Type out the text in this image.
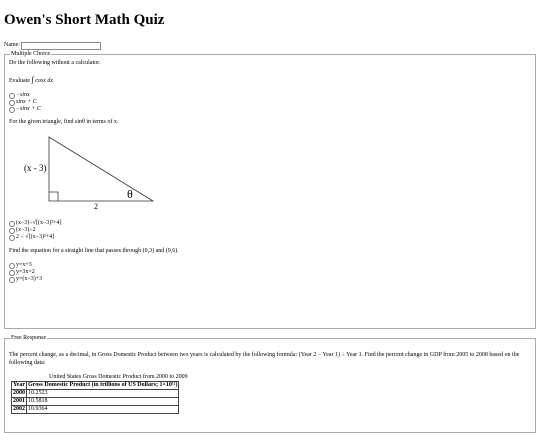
Owen's Short Math Quiz
Name:
Multiple Choice

Do the following without a calculator.

Evaluate ∫ cosx dx

−sinx
sinx + C
−sinx + C

For the given triangle, find sinθ in terms of x.

(x - 3)
2
θ
(x−3)÷√[(x−3)²+4]
(x−3)÷2
2 ÷ √[(x−3)²+4]

Find the equation for a straight line that passes through (0,3) and (9,6).

y=x+3
y=3x=2
y=(x−3)+3
Free Response

The percent change, as a decimal, in Gross Domestic Product between two years is calculated by the following formula: (Year 2 − Year 1) ÷ Year 1. Find the percent change in GDP from 2005 to 2008 based on the following data:

United States Gross Domestic Product from 2000 to 2009
Year	Gross Domestic Product (in trillions of US Dollars; 1×10¹²)
2000	10.2523
2001	10.5818
2002	10.9364
